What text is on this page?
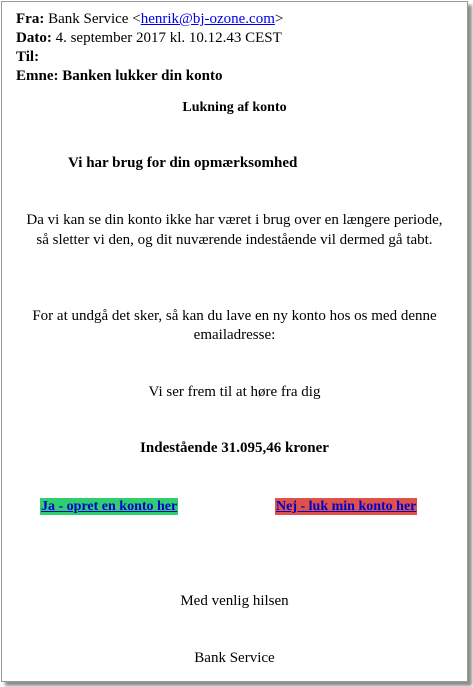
Fra: Bank Service <henrik@bj-ozone.com>
Dato: 4. september 2017 kl. 10.12.43 CEST
Til:
Emne: Banken lukker din konto
Lukning af konto
Vi har brug for din opmærksomhed
Da vi kan se din konto ikke har været i brug over en længere periode,
så sletter vi den, og dit nuværende indestående vil dermed gå tabt.
For at undgå det sker, så kan du lave en ny konto hos os med denne
emailadresse:
Vi ser frem til at høre fra dig
Indestående 31.095,46 kroner
Ja - opret en konto her	Nej - luk min konto her
Med venlig hilsen
Bank Service
